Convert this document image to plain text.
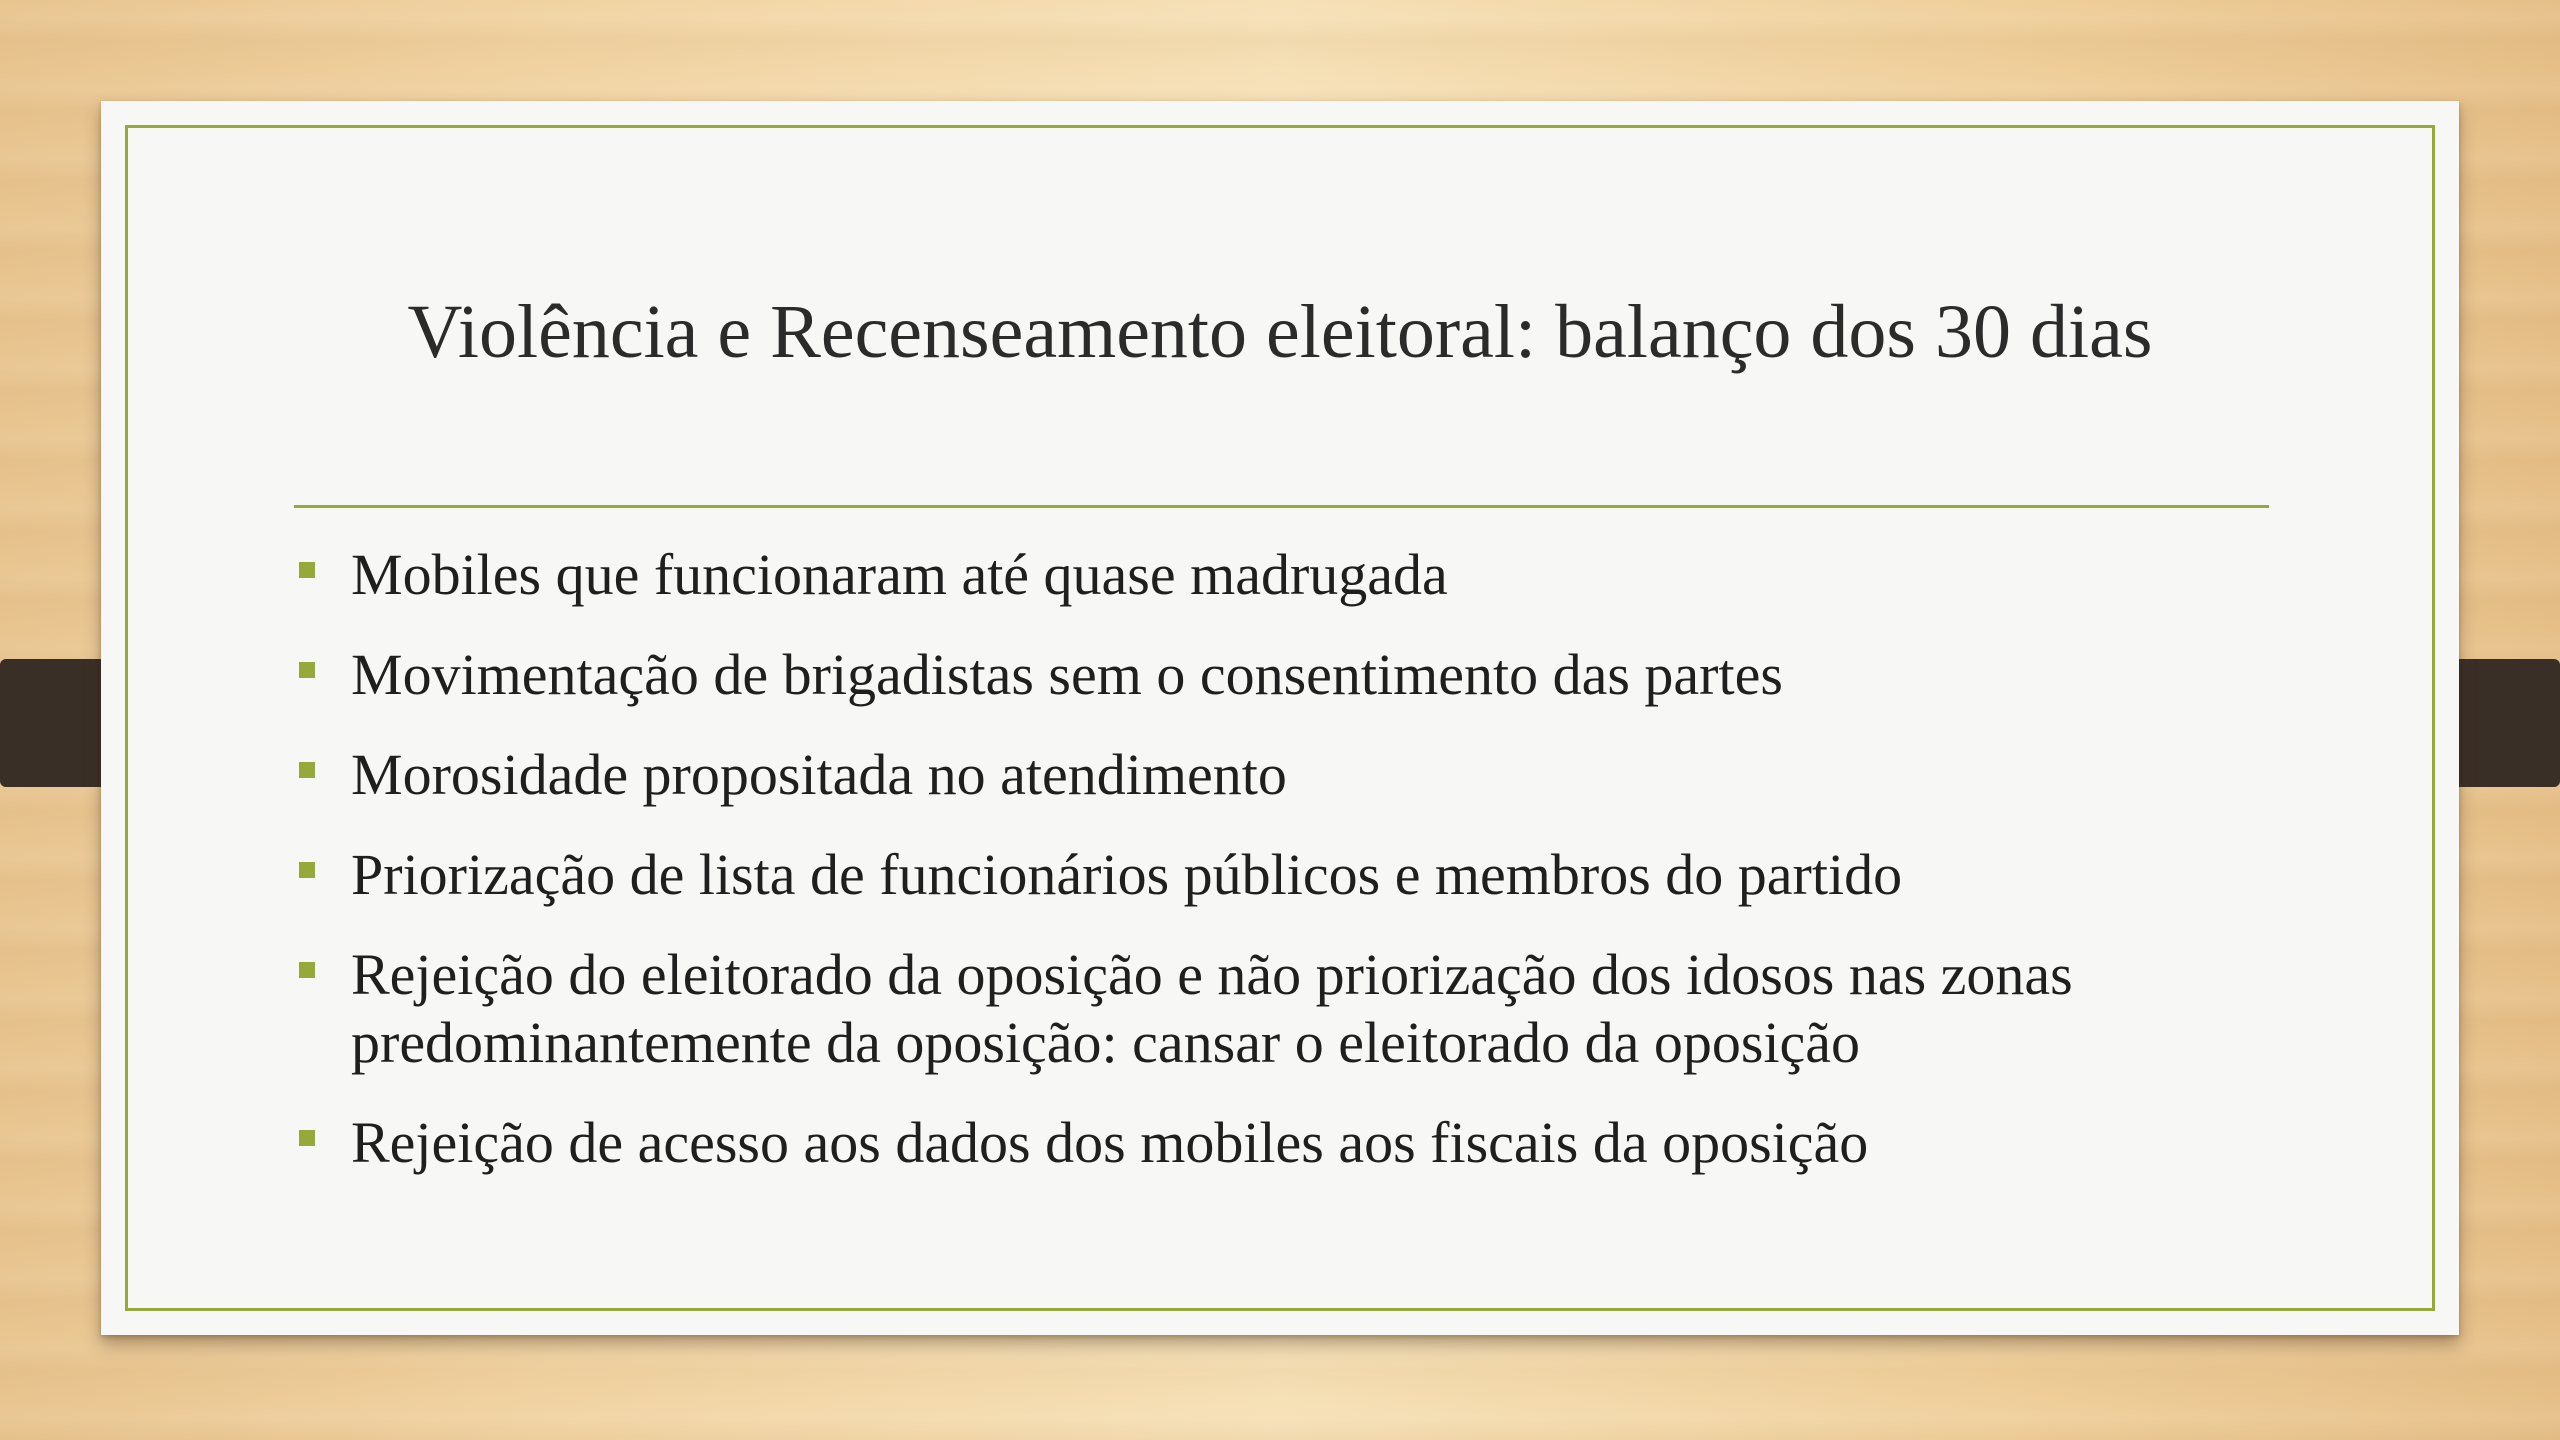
Violência e Recenseamento eleitoral: balanço dos 30 dias
Mobiles que funcionaram até quase madrugada
Movimentação de brigadistas sem o consentimento das partes
Morosidade propositada no atendimento
Priorização de lista de funcionários públicos e membros do partido
Rejeição do eleitorado da oposição e não priorização dos idosos nas zonas predominantemente da oposição: cansar o eleitorado da oposição
Rejeição de acesso aos dados dos mobiles aos fiscais da oposição
